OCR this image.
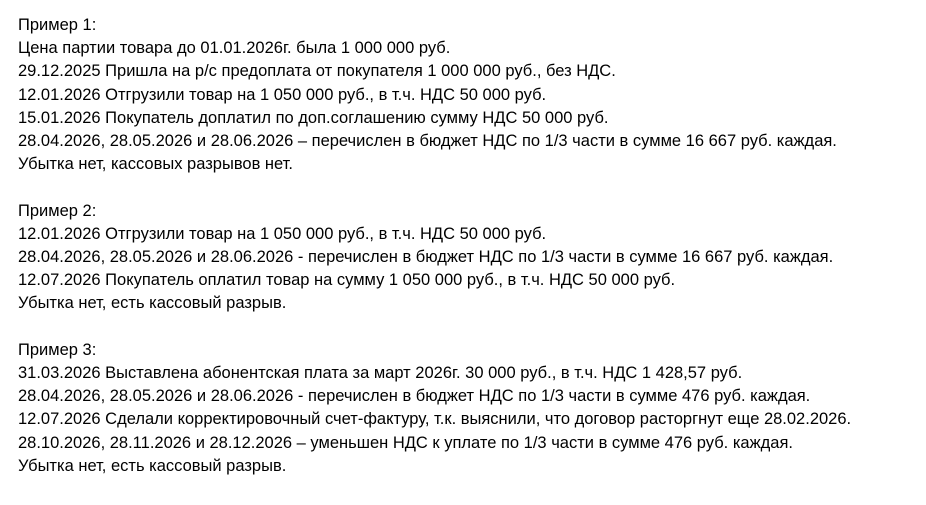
Пример 1:
Цена партии товара до 01.01.2026г. была 1 000 000 руб.
29.12.2025 Пришла на р/с предоплата от покупателя 1 000 000 руб., без НДС.
12.01.2026 Отгрузили товар на 1 050 000 руб., в т.ч. НДС 50 000 руб.
15.01.2026 Покупатель доплатил по доп.соглашению сумму НДС 50 000 руб.
28.04.2026, 28.05.2026 и 28.06.2026 – перечислен в бюджет НДС по 1/3 части в сумме 16 667 руб. каждая.
Убытка нет, кассовых разрывов нет.
Пример 2:
12.01.2026 Отгрузили товар на 1 050 000 руб., в т.ч. НДС 50 000 руб.
28.04.2026, 28.05.2026 и 28.06.2026 - перечислен в бюджет НДС по 1/3 части в сумме 16 667 руб. каждая.
12.07.2026 Покупатель оплатил товар на сумму 1 050 000 руб., в т.ч. НДС 50 000 руб.
Убытка нет, есть кассовый разрыв.
Пример 3:
31.03.2026 Выставлена абонентская плата за март 2026г. 30 000 руб., в т.ч. НДС 1 428,57 руб.
28.04.2026, 28.05.2026 и 28.06.2026 - перечислен в бюджет НДС по 1/3 части в сумме 476 руб. каждая.
12.07.2026 Сделали корректировочный счет-фактуру, т.к. выяснили, что договор расторгнут еще 28.02.2026.
28.10.2026, 28.11.2026 и 28.12.2026 – уменьшен НДС к уплате по 1/3 части в сумме 476 руб. каждая.
Убытка нет, есть кассовый разрыв.
